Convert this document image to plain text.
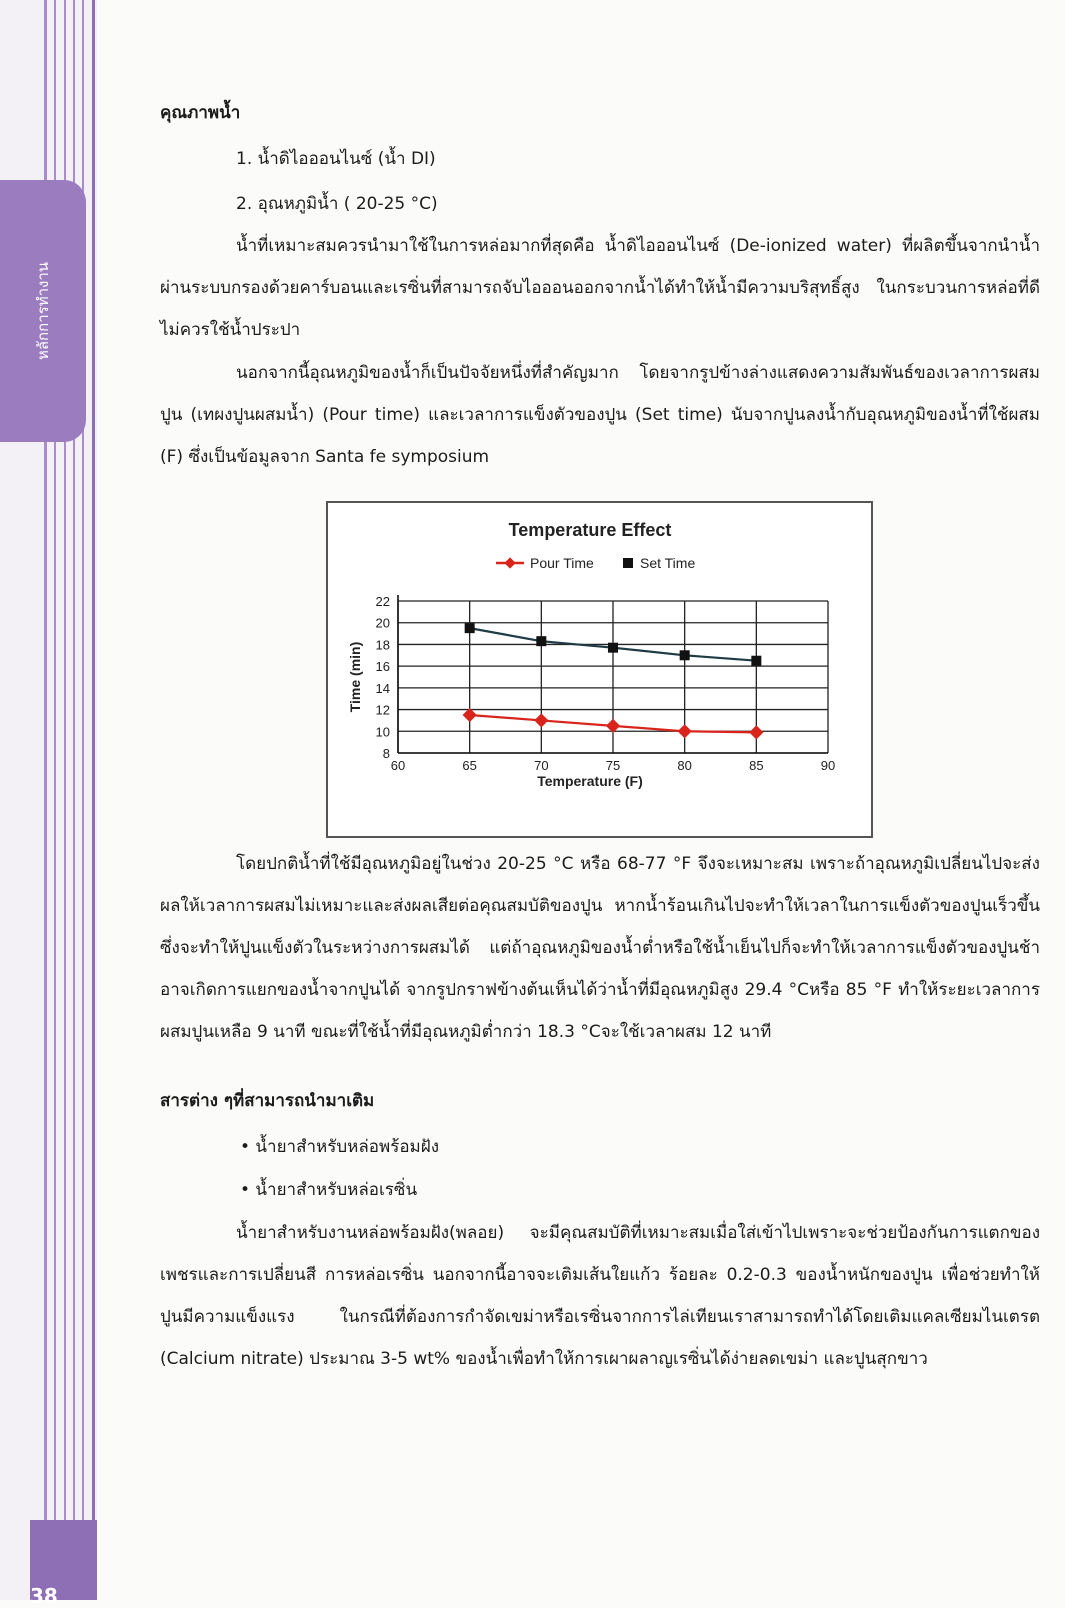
หลักการทำงาน
38
คุณภาพน้ำ
1. น้ำดิไอออนไนซ์ (น้ำ DI)
2. อุณหภูมิน้ำ ( 20-25 °C)

น้ำที่เหมาะสมควรนำมาใช้ในการหล่อมากที่สุดคือ น้ำดิไอออนไนซ์ (De-ionized water) ที่ผลิตขึ้นจากนำน้ำผ่านระบบกรองด้วยคาร์บอนและเรซิ่นที่สามารถจับไอออนออกจากน้ำได้ทำให้น้ำมีความบริสุทธิ์สูง ในกระบวนการหล่อที่ดีไม่ควรใช้น้ำประปา

นอกจากนี้อุณหภูมิของน้ำก็เป็นปัจจัยหนึ่งที่สำคัญมาก โดยจากรูปข้างล่างแสดงความสัมพันธ์ของเวลาการผสมปูน (เทผงปูนผสมน้ำ) (Pour time) และเวลาการแข็งตัวของปูน (Set time) นับจากปูนลงน้ำกับอุณหภูมิของน้ำที่ใช้ผสม (F) ซึ่งเป็นข้อมูลจาก Santa fe symposium

Temperature Effect
Pour Time	Set Time
8
10
12
14
16
18
20
22
60	65	70	75	80	85	90
Temperature (F)
Time (min)

โดยปกติน้ำที่ใช้มีอุณหภูมิอยู่ในช่วง 20-25 °C หรือ 68-77 °F จึงจะเหมาะสม เพราะถ้าอุณหภูมิเปลี่ยนไปจะส่งผลให้เวลาการผสมไม่เหมาะและส่งผลเสียต่อคุณสมบัติของปูน หากน้ำร้อนเกินไปจะทำให้เวลาในการแข็งตัวของปูนเร็วขึ้นซึ่งจะทำให้ปูนแข็งตัวในระหว่างการผสมได้ แต่ถ้าอุณหภูมิของน้ำต่ำหรือใช้น้ำเย็นไปก็จะทำให้เวลาการแข็งตัวของปูนช้า อาจเกิดการแยกของน้ำจากปูนได้ จากรูปกราฟข้างต้นเห็นได้ว่าน้ำที่มีอุณหภูมิสูง 29.4 °Cหรือ 85 °F ทำให้ระยะเวลาการผสมปูนเหลือ 9 นาที ขณะที่ใช้น้ำที่มีอุณหภูมิต่ำกว่า 18.3 °Cจะใช้เวลาผสม 12 นาที

สารต่าง ๆที่สามารถนำมาเติม
• น้ำยาสำหรับหล่อพร้อมฝัง
• น้ำยาสำหรับหล่อเรซิ่น

น้ำยาสำหรับงานหล่อพร้อมฝัง(พลอย) จะมีคุณสมบัติที่เหมาะสมเมื่อใส่เข้าไปเพราะจะช่วยป้องกันการแตกของเพชรและการเปลี่ยนสี การหล่อเรซิ่น นอกจากนี้อาจจะเติมเส้นใยแก้ว ร้อยละ 0.2-0.3 ของน้ำหนักของปูน เพื่อช่วยทำให้ปูนมีความแข็งแรง ในกรณีที่ต้องการกำจัดเขม่าหรือเรซิ่นจากการไล่เทียนเราสามารถทำได้โดยเติมแคลเซียมไนเตรต (Calcium nitrate) ประมาณ 3-5 wt% ของน้ำเพื่อทำให้การเผาผลาญเรซิ่นได้ง่ายลดเขม่า และปูนสุกขาว
